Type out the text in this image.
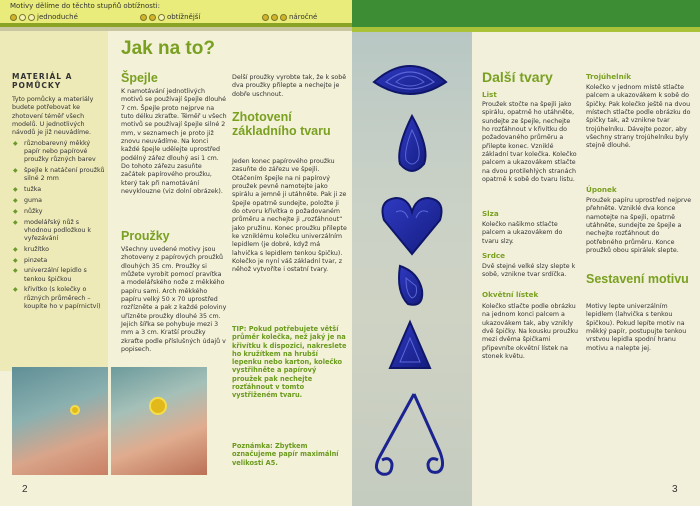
Motivy dělíme do těchto stupňů obtížnosti:
jednoduché	obtížnější	náročné
MATERIÁL A POMŮCKY
Tyto pomůcky a materiály budete potřebovat ke zhotovení téměř všech modelů. U jednotlivých návodů je již neuvádíme.
◆ různobarevný měkký papír nebo papírové proužky různých barev
◆ špejle k natáčení proužků silné 2 mm
◆ tužka
◆ guma
◆ nůžky
◆ modelářský nůž s vhodnou podložkou k vyřezávání
◆ kružítko
◆ pinzeta
◆ univerzální lepidlo s tenkou špičkou
◆ křivítko (s kolečky o různých průměrech – koupíte ho v papírnictví)
2
Jak na to?
Špejle
K namotávání jednotlivých motivů se používají špejle dlouhé 7 cm. Špejle proto nejprve na tuto délku zkraťte. Téměř u všech motivů se používají špejle silné 2 mm, v seznamech je proto již znovu neuvádíme. Na konci každé špejle udělejte uprostřed podélný zářez dlouhý asi 1 cm. Do tohoto zářezu zasuňte začátek papírového proužku, který tak při namotávání nevyklouzne (viz dolní obrázek).
Proužky
Všechny uvedené motivy jsou zhotoveny z papírových proužků dlouhých 35 cm. Proužky si můžete vyrobit pomocí pravítka a modelářského nože z měkkého papíru sami. Arch měkkého papíru velký 50 x 70 uprostřed rozřízněte a pak z každé poloviny uřízněte proužky dlouhé 35 cm. Jejich šířka se pohybuje mezi 3 mm a 3 cm. Kratší proužky zkraťte podle příslušných údajů v popisech.
Delší proužky vyrobte tak, že k sobě dva proužky přilepte a nechejte je dobře uschnout.
Zhotovení základního tvaru
Jeden konec papírového proužku zasuňte do zářezu ve špejli. Otáčením špejle na ni papírový proužek pevně namotejte jako spirálu a jemně ji utáhněte. Pak ji ze špejle opatrně sundejte, položte ji do otvoru křivítka o požadovaném průměru a nechejte ji „rozťáhnout“ jako pružinu. Konec proužku přilepte ke vzniklému kolečku univerzálním lepidlem (je dobré, když má lahvička s lepidlem tenkou špičku). Kolečko je nyní váš základní tvar, z něhož vytvoříte i ostatní tvary.
TIP: Pokud potřebujete větší průměr kolečka, než jaký je na křivítku k dispozici, nakreslete ho kružítkem na hrubší lepenku nebo karton, kolečko vystřihněte a papírový proužek pak nechejte rozťáhnout v tomto vystřiženém tvaru.
Poznámka: Zbytkem označujeme papír maximální velikosti A5.
3
Další tvary
List
Proužek stočte na špejli jako spirálu, opatrně ho utáhněte, sundejte ze špejle, nechejte ho rozťáhnout v křivítku do požadovaného průměru a přilepte konec. Vzniklé základní tvar kolečka. Kolečko palcem a ukazovákem stlačte na dvou protilehlých stranách opatrně k sobě do tvaru listu.
Slza
Kolečko našikmo stlačte palcem a ukazovákem do tvaru slzy.
Srdce
Dvě stejné velké slzy slepte k sobě, vznikne tvar srdíčka.
Okvětní lístek
Kolečko stlačte podle obrázku na jednom konci palcem a ukazovákem tak, aby vznikly dvě špičky. Na kousku proužku mezi dvěma špičkami připevníte okvětní lístek na stonek květu.
Trojúhelník
Kolečko v jednom místě stlačte palcem a ukazovákem k sobě do špičky. Pak kolečko ještě na dvou místech stlačte podle obrázku do špičky tak, až vznikne tvar trojúhelníku. Dávejte pozor, aby všechny strany trojúhelníku byly stejně dlouhé.
Úponek
Proužek papíru uprostřed nejprve přehněte. Vzniklé dva konce namotejte na špejli, opatrně utáhněte, sundejte ze špejle a nechejte rozťáhnout do potřebného průměru. Konce proužků obou spirálek slepte.
Sestavení motivu
Motivy lepte univerzálním lepidlem (lahvička s tenkou špičkou). Pokud lepíte motiv na měkký papír, postupujte tenkou vrstvou lepidla spodní hranu motivu a nalepte jej.
